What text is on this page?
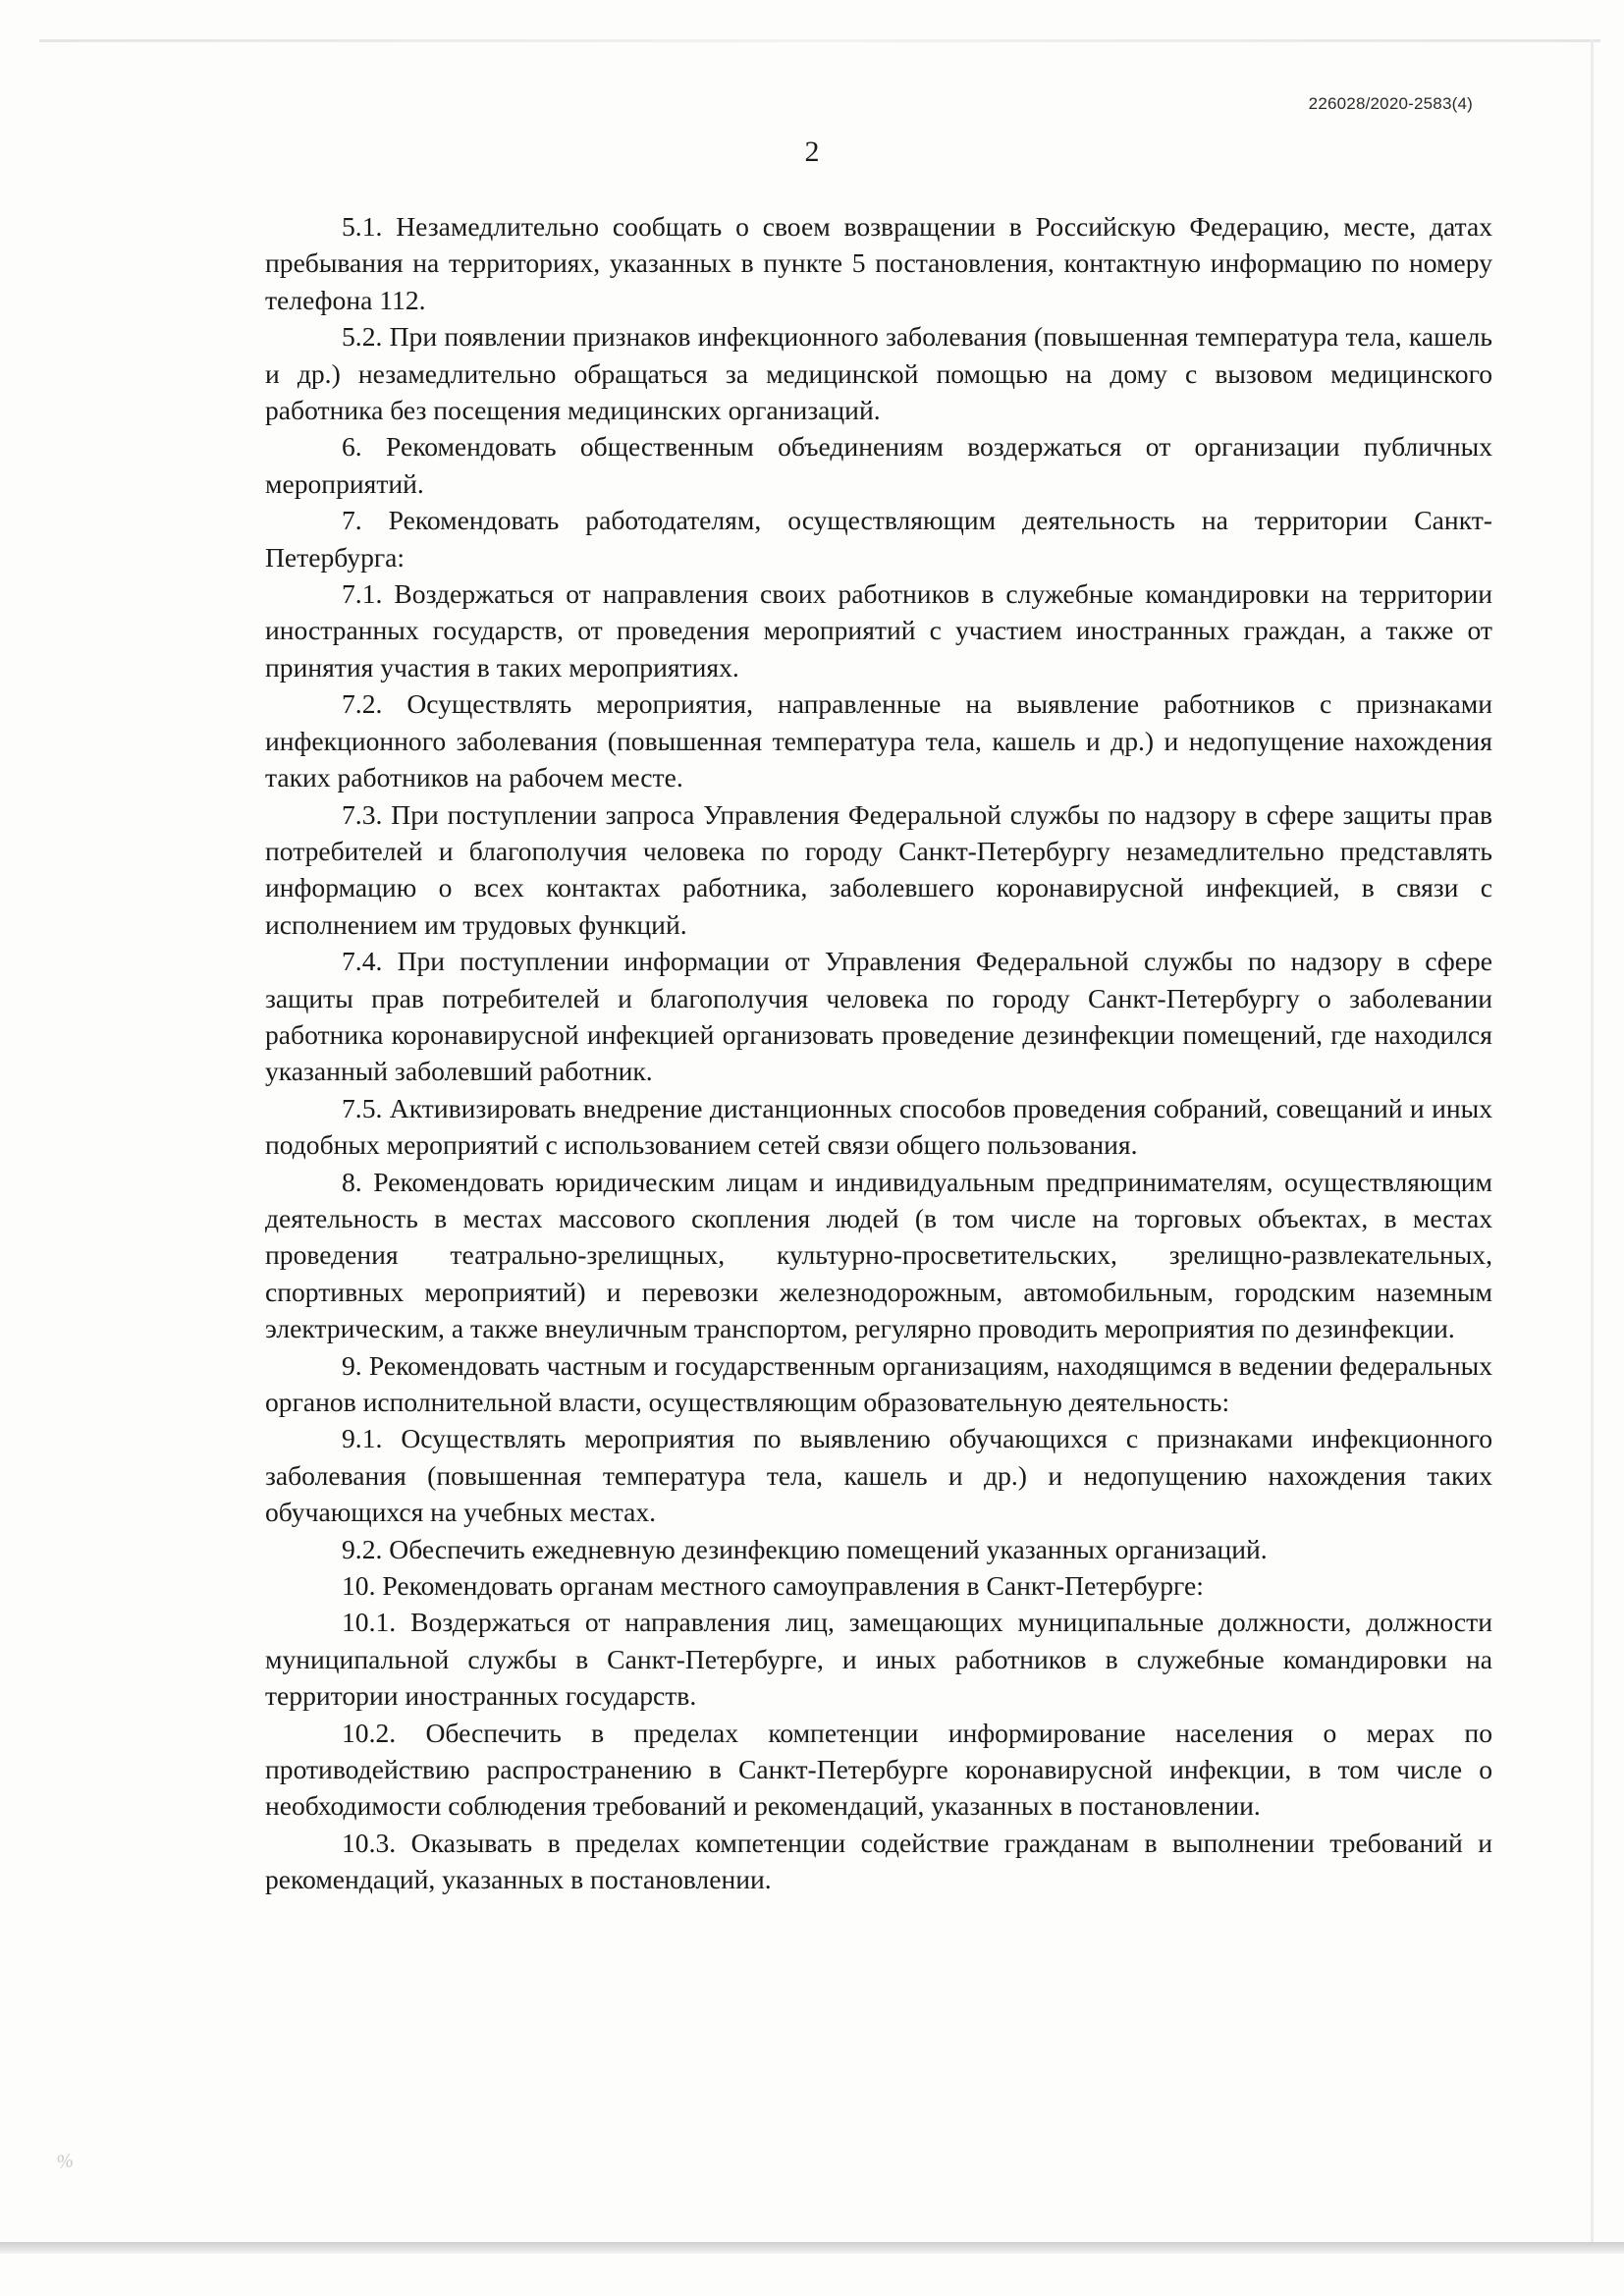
226028/2020-2583(4)
2

5.1. Незамедлительно сообщать о своем возвращении в Российскую Федерацию, месте, датах пребывания на территориях, указанных в пункте 5 постановления, контактную информацию по номеру телефона 112.

5.2. При появлении признаков инфекционного заболевания (повышенная температура тела, кашель и др.) незамедлительно обращаться за медицинской помощью на дому с вызовом медицинского работника без посещения медицинских организаций.

6. Рекомендовать общественным объединениям воздержаться от организации публичных мероприятий.

7. Рекомендовать работодателям, осуществляющим деятельность на территории Санкт-Петербурга:

7.1. Воздержаться от направления своих работников в служебные командировки на территории иностранных государств, от проведения мероприятий с участием иностранных граждан, а также от принятия участия в таких мероприятиях.

7.2. Осуществлять мероприятия, направленные на выявление работников с признаками инфекционного заболевания (повышенная температура тела, кашель и др.) и недопущение нахождения таких работников на рабочем месте.

7.3. При поступлении запроса Управления Федеральной службы по надзору в сфере защиты прав потребителей и благополучия человека по городу Санкт-Петербургу незамедлительно представлять информацию о всех контактах работника, заболевшего коронавирусной инфекцией, в связи с исполнением им трудовых функций.

7.4. При поступлении информации от Управления Федеральной службы по надзору в сфере защиты прав потребителей и благополучия человека по городу Санкт-Петербургу о заболевании работника коронавирусной инфекцией организовать проведение дезинфекции помещений, где находился указанный заболевший работник.

7.5. Активизировать внедрение дистанционных способов проведения собраний, совещаний и иных подобных мероприятий с использованием сетей связи общего пользования.

8. Рекомендовать юридическим лицам и индивидуальным предпринимателям, осуществляющим деятельность в местах массового скопления людей (в том числе на торговых объектах, в местах проведения театрально-зрелищных, культурно-просветительских, зрелищно-развлекательных, спортивных мероприятий) и перевозки железнодорожным, автомобильным, городским наземным электрическим, а также внеуличным транспортом, регулярно проводить мероприятия по дезинфекции.

9. Рекомендовать частным и государственным организациям, находящимся в ведении федеральных органов исполнительной власти, осуществляющим образовательную деятельность:

9.1. Осуществлять мероприятия по выявлению обучающихся с признаками инфекционного заболевания (повышенная температура тела, кашель и др.) и недопущению нахождения таких обучающихся на учебных местах.

9.2. Обеспечить ежедневную дезинфекцию помещений указанных организаций.

10. Рекомендовать органам местного самоуправления в Санкт-Петербурге:

10.1. Воздержаться от направления лиц, замещающих муниципальные должности, должности муниципальной службы в Санкт-Петербурге, и иных работников в служебные командировки на территории иностранных государств.

10.2. Обеспечить в пределах компетенции информирование населения о мерах по противодействию распространению в Санкт-Петербурге коронавирусной инфекции, в том числе о необходимости соблюдения требований и рекомендаций, указанных в постановлении.

10.3. Оказывать в пределах компетенции содействие гражданам в выполнении требований и рекомендаций, указанных в постановлении.

%
